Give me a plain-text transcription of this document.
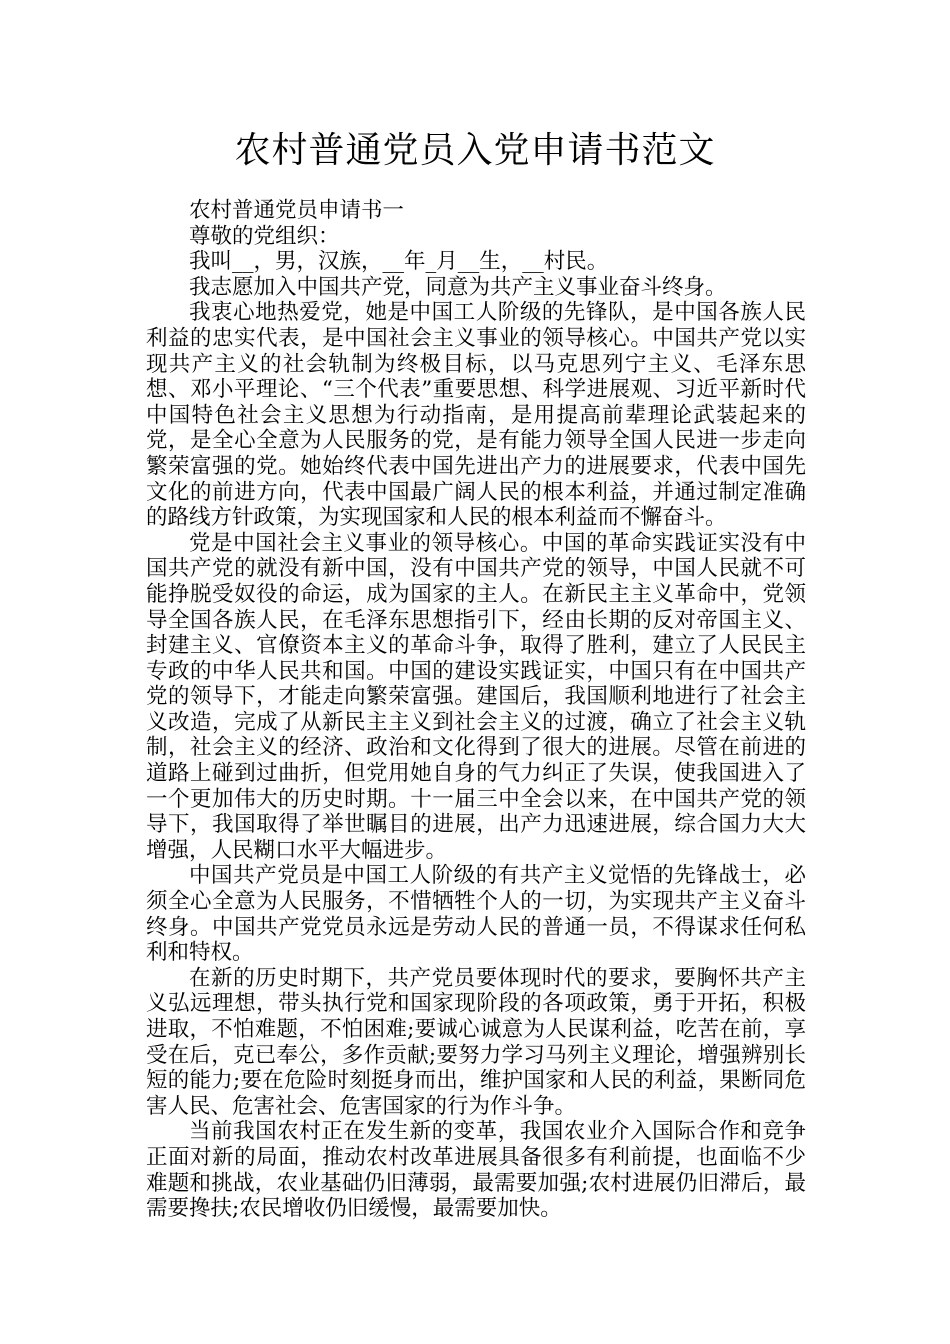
农村普通党员入党申请书范文

农村普通党员申请书一

尊敬的党组织：

我叫__，男，汉族，__年_月__生，__村民。

我志愿加入中国共产党，同意为共产主义事业奋斗终身。

我衷心地热爱党，她是中国工人阶级的先锋队，是中国各族人民利益的忠实代表，是中国社会主义事业的领导核心。中国共产党以实现共产主义的社会轨制为终极目标，以马克思列宁主义、毛泽东思想、邓小平理论、“三个代表”重要思想、科学进展观、习近平新时代中国特色社会主义思想为行动指南，是用提高前辈理论武装起来的党，是全心全意为人民服务的党，是有能力领导全国人民进一步走向繁荣富强的党。她始终代表中国先进出产力的进展要求，代表中国先文化的前进方向，代表中国最广阔人民的根本利益，并通过制定准确的路线方针政策，为实现国家和人民的根本利益而不懈奋斗。

党是中国社会主义事业的领导核心。中国的革命实践证实没有中国共产党的就没有新中国，没有中国共产党的领导，中国人民就不可能挣脱受奴役的命运，成为国家的主人。在新民主主义革命中，党领导全国各族人民，在毛泽东思想指引下，经由长期的反对帝国主义、封建主义、官僚资本主义的革命斗争，取得了胜利，建立了人民民主专政的中华人民共和国。中国的建设实践证实，中国只有在中国共产党的领导下，才能走向繁荣富强。建国后，我国顺利地进行了社会主义改造，完成了从新民主主义到社会主义的过渡，确立了社会主义轨制，社会主义的经济、政治和文化得到了很大的进展。尽管在前进的道路上碰到过曲折，但党用她自身的气力纠正了失误，使我国进入了一个更加伟大的历史时期。十一届三中全会以来，在中国共产党的领导下，我国取得了举世瞩目的进展，出产力迅速进展，综合国力大大增强，人民糊口水平大幅进步。

中国共产党员是中国工人阶级的有共产主义觉悟的先锋战士，必须全心全意为人民服务，不惜牺牲个人的一切，为实现共产主义奋斗终身。中国共产党党员永远是劳动人民的普通一员，不得谋求任何私利和特权。

在新的历史时期下，共产党员要体现时代的要求，要胸怀共产主义弘远理想，带头执行党和国家现阶段的各项政策，勇于开拓，积极进取，不怕难题，不怕困难;要诚心诚意为人民谋利益，吃苦在前，享受在后，克已奉公，多作贡献;要努力学习马列主义理论，增强辨别长短的能力;要在危险时刻挺身而出，维护国家和人民的利益，果断同危害人民、危害社会、危害国家的行为作斗争。

当前我国农村正在发生新的变革，我国农业介入国际合作和竞争正面对新的局面，推动农村改革进展具备很多有利前提，也面临不少难题和挑战，农业基础仍旧薄弱，最需要加强;农村进展仍旧滞后，最需要搀扶;农民增收仍旧缓慢，最需要加快。
